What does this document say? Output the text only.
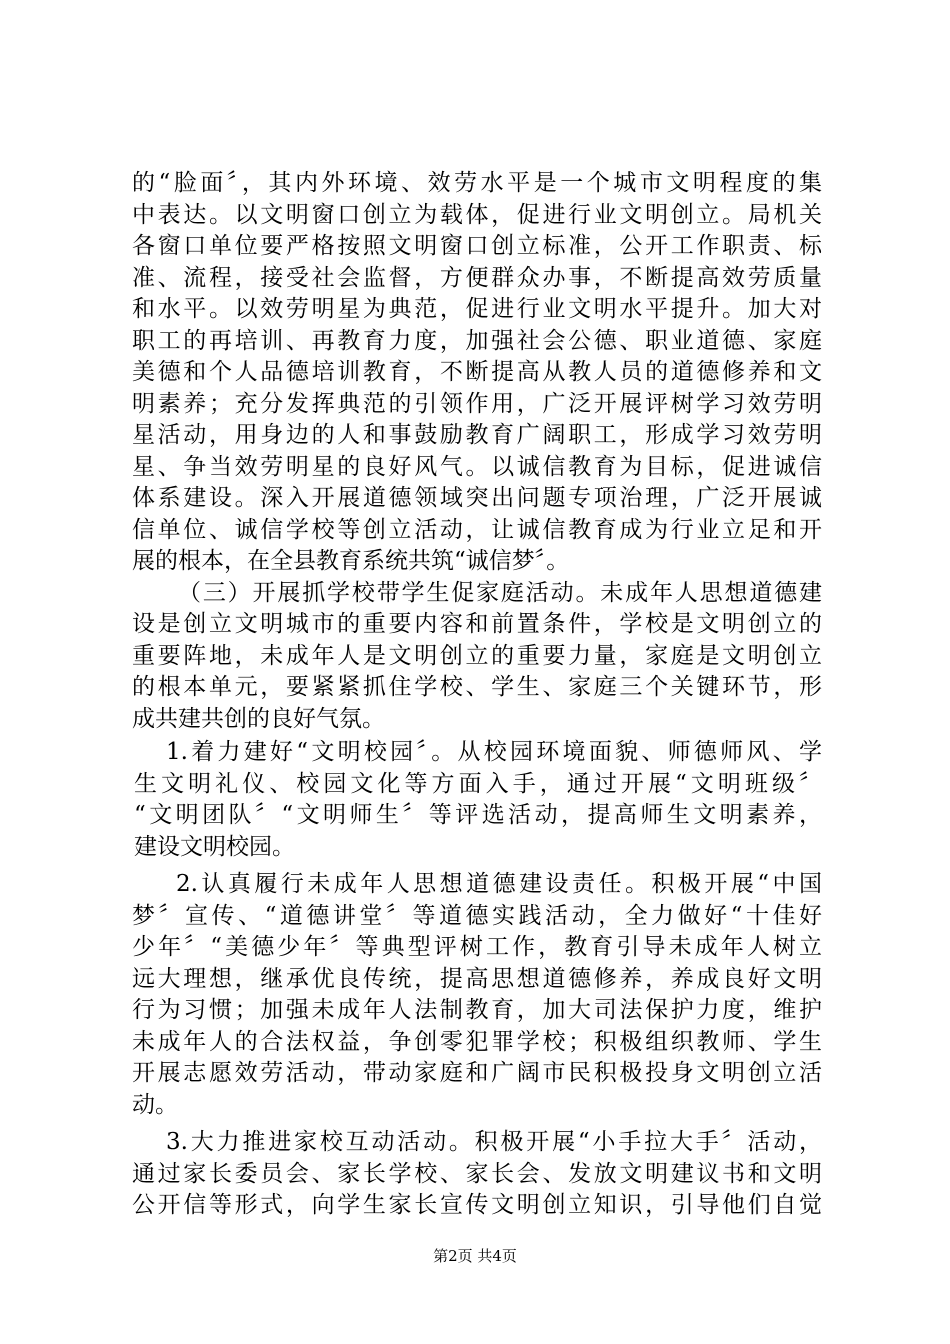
的“脸面〞，其内外环境、效劳水平是一个城市文明程度的集
中表达。以文明窗口创立为载体，促进行业文明创立。局机关
各窗口单位要严格按照文明窗口创立标准，公开工作职责、标
准、流程，接受社会监督，方便群众办事，不断提高效劳质量
和水平。以效劳明星为典范，促进行业文明水平提升。加大对
职工的再培训、再教育力度，加强社会公德、职业道德、家庭
美德和个人品德培训教育，不断提高从教人员的道德修养和文
明素养；充分发挥典范的引领作用，广泛开展评树学习效劳明
星活动，用身边的人和事鼓励教育广阔职工，形成学习效劳明
星、争当效劳明星的良好风气。以诚信教育为目标，促进诚信
体系建设。深入开展道德领域突出问题专项治理，广泛开展诚
信单位、诚信学校等创立活动，让诚信教育成为行业立足和开
展的根本，在全县教育系统共筑“诚信梦〞。
（三）开展抓学校带学生促家庭活动。未成年人思想道德建
设是创立文明城市的重要内容和前置条件，学校是文明创立的
重要阵地，未成年人是文明创立的重要力量，家庭是文明创立
的根本单元，要紧紧抓住学校、学生、家庭三个关键环节，形
成共建共创的良好气氛。
1.着力建好“文明校园〞。从校园环境面貌、师德师风、学
生文明礼仪、校园文化等方面入手，通过开展“文明班级〞
“文明团队〞“文明师生〞等评选活动，提高师生文明素养，
建设文明校园。
2.认真履行未成年人思想道德建设责任。积极开展“中国
梦〞宣传、“道德讲堂〞等道德实践活动，全力做好“十佳好
少年〞“美德少年〞等典型评树工作，教育引导未成年人树立
远大理想，继承优良传统，提高思想道德修养，养成良好文明
行为习惯；加强未成年人法制教育，加大司法保护力度，维护
未成年人的合法权益，争创零犯罪学校；积极组织教师、学生
开展志愿效劳活动，带动家庭和广阔市民积极投身文明创立活
动。
3.大力推进家校互动活动。积极开展“小手拉大手〞活动，
通过家长委员会、家长学校、家长会、发放文明建议书和文明
公开信等形式，向学生家长宣传文明创立知识，引导他们自觉
第2页 共4页
